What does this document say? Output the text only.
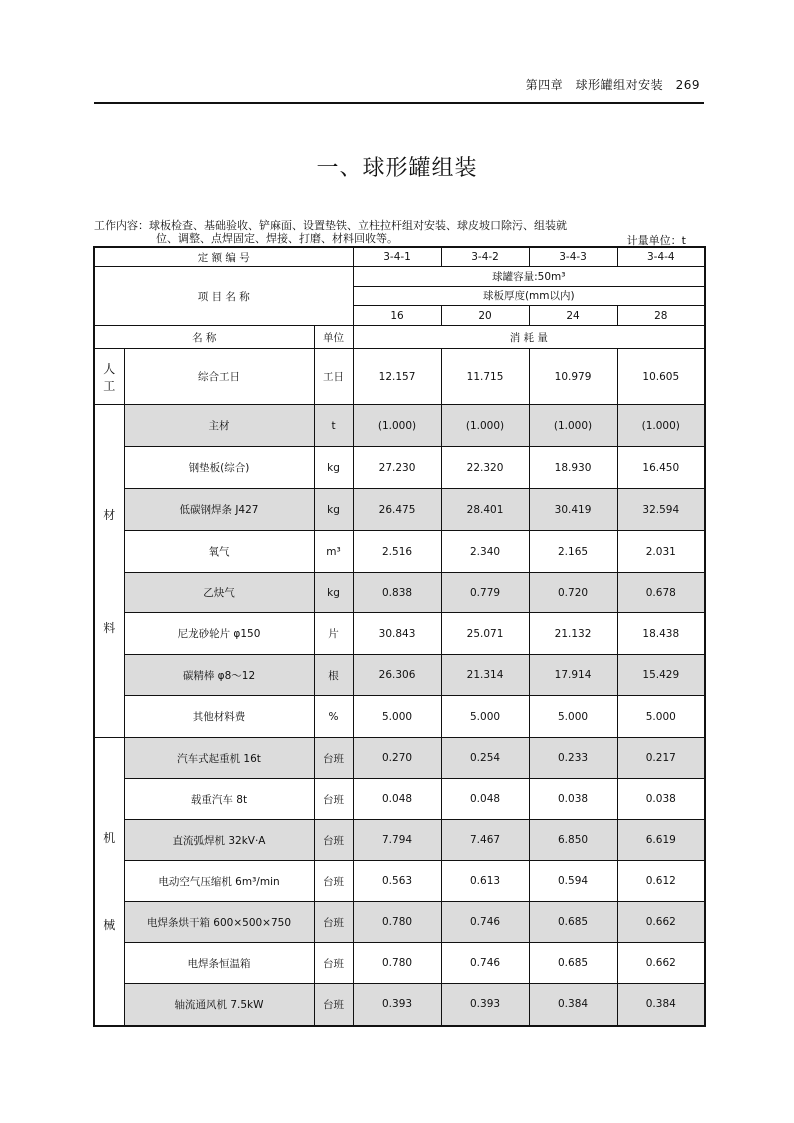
第四章　球形罐组对安装　269
一、球形罐组装
工作内容：球板检查、基础验收、铲麻面、设置垫铁、立柱拉杆组对安装、球皮坡口除污、组装就
位、调整、点焊固定、焊接、打磨、材料回收等。	计量单位：t
定 额 编 号			3-4-1	3-4-2	3-4-3	3-4-4
项 目 名 称			球罐容量:50m³			
			球板厚度(mm以内)			
			16	20	24	28
名 称		单位	消 耗 量			

人
工	综合工日	工日	12.157	11.715	10.979	10.605

材
料	主材	t	(1.000)	(1.000)	(1.000)	(1.000)
	钢垫板(综合)	kg	27.230	22.320	18.930	16.450
	低碳钢焊条 J427	kg	26.475	28.401	30.419	32.594
	氧气	m³	2.516	2.340	2.165	2.031
	乙炔气	kg	0.838	0.779	0.720	0.678
	尼龙砂轮片 φ150	片	30.843	25.071	21.132	18.438
	碳精棒 φ8～12	根	26.306	21.314	17.914	15.429
	其他材料费	%	5.000	5.000	5.000	5.000

机
械	汽车式起重机 16t	台班	0.270	0.254	0.233	0.217
	载重汽车 8t	台班	0.048	0.048	0.038	0.038
	直流弧焊机 32kV·A	台班	7.794	7.467	6.850	6.619
	电动空气压缩机 6m³/min	台班	0.563	0.613	0.594	0.612
	电焊条烘干箱 600×500×750	台班	0.780	0.746	0.685	0.662
	电焊条恒温箱	台班	0.780	0.746	0.685	0.662
	轴流通风机 7.5kW	台班	0.393	0.393	0.384	0.384
